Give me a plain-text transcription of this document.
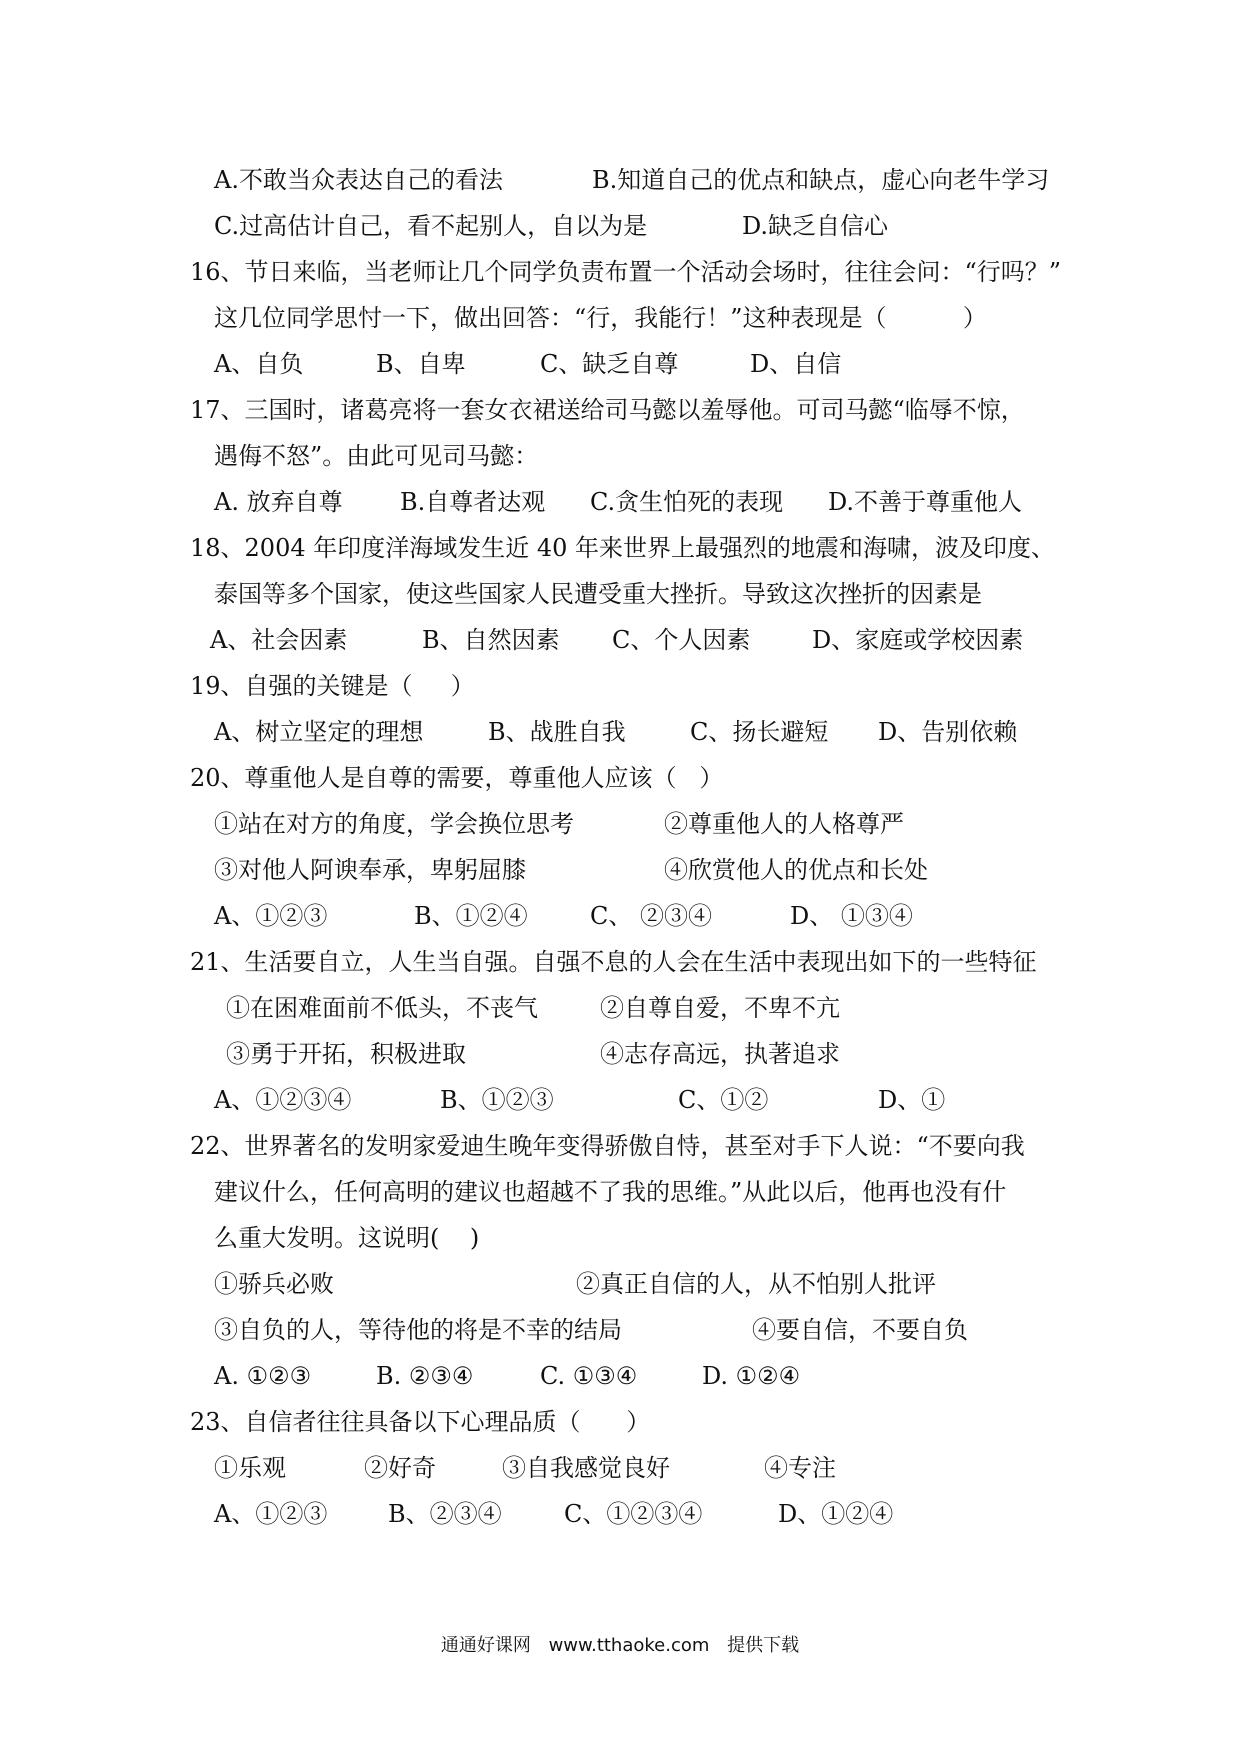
A.不敢当众表达自己的看法	B.知道自己的优点和缺点，虚心向老牛学习
C.过高估计自己，看不起别人，自以为是	D.缺乏自信心
16、节日来临，当老师让几个同学负责布置一个活动会场时，往往会问：“行吗？”
这几位同学思忖一下，做出回答：“行，我能行！”这种表现是（          ）
A、自负	B、自卑	C、缺乏自尊	D、自信
17、三国时，诸葛亮将一套女衣裙送给司马懿以羞辱他。可司马懿“临辱不惊，
遇侮不怒”。由此可见司马懿：
A. 放弃自尊 B.自尊者达观 C.贪生怕死的表现 D.不善于尊重他人
18、2004 年印度洋海域发生近 40 年来世界上最强烈的地震和海啸，波及印度、
泰国等多个国家，使这些国家人民遭受重大挫折。导致这次挫折的因素是
A、社会因素	B、自然因素 C、个人因素	D、家庭或学校因素
19、自强的关键是（     ）
A、树立坚定的理想	B、战胜自我	C、扬长避短 D、告别依赖
20、尊重他人是自尊的需要，尊重他人应该（   ）
①站在对方的角度，学会换位思考	②尊重他人的人格尊严
③对他人阿谀奉承，卑躬屈膝	④欣赏他人的优点和长处
A、①②③	B、①②④	C、 ②③④	D、 ①③④
21、生活要自立，人生当自强。自强不息的人会在生活中表现出如下的一些特征
①在困难面前不低头，不丧气	②自尊自爱，不卑不亢
③勇于开拓，积极进取	④志存高远，执著追求
A、①②③④	B、①②③	C、①②	D、①
22、世界著名的发明家爱迪生晚年变得骄傲自恃，甚至对手下人说：“不要向我
建议什么，任何高明的建议也超越不了我的思维。”从此以后，他再也没有什
么重大发明。这说明(    )
①骄兵必败	②真正自信的人，从不怕别人批评
③自负的人，等待他的将是不幸的结局	④要自信，不要自负
A. ①②③	B. ②③④	C. ①③④	D. ①②④
23、自信者往往具备以下心理品质（      ）
①乐观	②好奇	③自我感觉良好	④专注
A、①②③	B、②③④	C、①②③④	D、①②④
通通好课网 www.tthaoke.com 提供下载
